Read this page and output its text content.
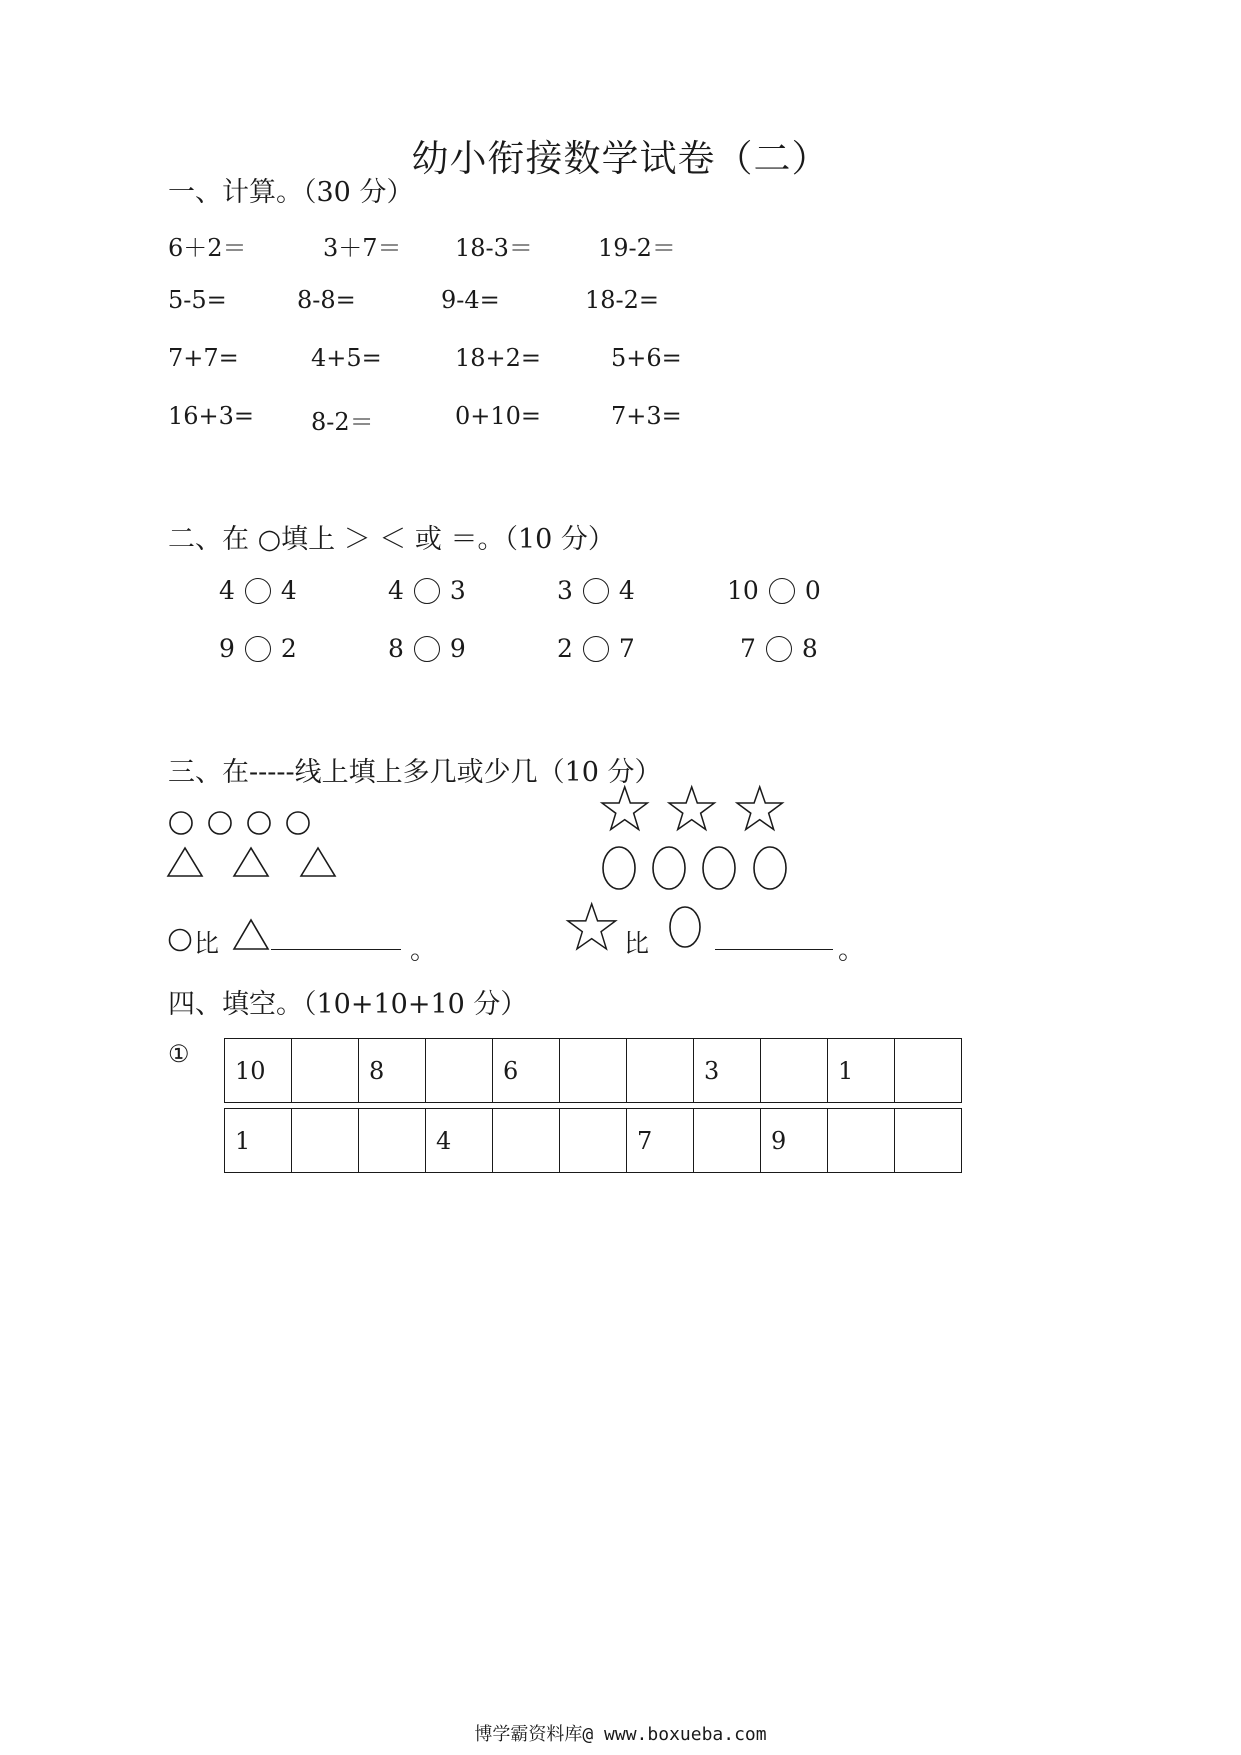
幼小衔接数学试卷（二）
一、计算。（30 分）
6＋2＝	3＋7＝ 18-3＝	19-2＝
5-5=	8-8=	9-4=	18-2=
7+7=	4+5=	18+2=	5+6=
16+3= 8-2＝	0+10=	7+3=
二、在 ○填上 ＞ ＜ 或 ＝。（10 分）
4 4	4 3	3 4	10 0
9 2	8 9	2 7	7 8
三、在-----线上填上多几或少几（10 分）
比	。	比	。
四、填空。（10+10+10 分）
①
10		8		6			3		1	
1			4			7		9		
博学霸资料库@ www.boxueba.com
